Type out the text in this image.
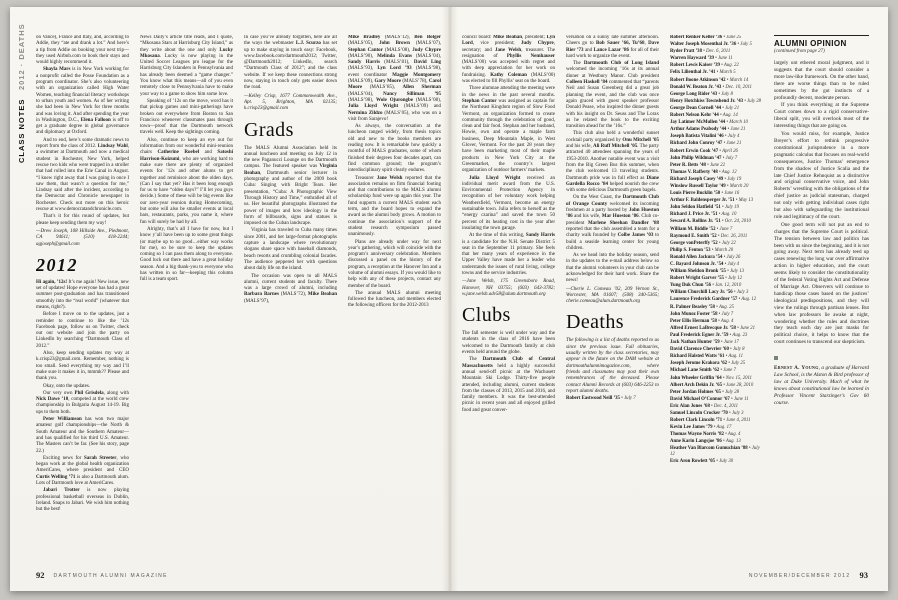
CLASS NOTES2012 · DEATHS on Vance), France and Italy, and, according to Addie, they “ate and drank a lot.” And here’s a tip from Addie on booking your next trip—they used Airbnb.com to book their stays and would highly recommend it.

Shayla Mars is in New York working for a nonprofit called the Posse Foundation as a program coordinator. She’s also volunteering with an organization called High Water Women, teaching financial literacy workshops to urban youth and women. As of her writing she had been in New York for three months and was loving it. And after spending the year in Washington, D.C., Elena Falloon is off to get a graduate degree in global governance and diplomacy at Oxford.

And to end, here’s some dramatic news to report from the class of 2012. Lindsay Wahl, a swimmer at Dartmouth and now a medical student in Rochester, New York, helped rescue two kids who were trapped in a stroller that had rolled into the Erie Canal in August. “I knew right away that I was going in once I saw them, that wasn’t a question for me,” Lindsay said after the incident, according to the Democrat and Chronicle newspaper in Rochester. Check out more on this heroic rescue at www.democratandchronicle.com.

That’s it for this round of updates, but please keep sending them my way!

—Drew Joseph, 108 Hillside Ave., Piedmont, CA 94611; (510) 418-2244; agjoseph@gmail.com

2012

Hi again, ’12s! It’s me again! New issue, new set of updates! Hope everyone has had a great summer post-graduation and has transitioned smoothly into the “real world” (whatever that means, right?).

Before I move on to the updates, just a reminder to continue to like the ’12s Facebook page, follow us on Twitter, check out our website and join the party on LinkedIn by searching “Dartmouth Class of 2012.”

Also, keep sending updates my way at k.crisp23@gmail.com. Remember, nothing is too small. Send everything my way and I’ll make sure it makes it in, mmmk?? Please and thank you.

Okay, onto the updates.

Our very own Phil Grisdela, along with Nick Dawe ’10, competed at the world crew championship in Bulgaria August 14-19. Big ups to them both.

Peter Williamson has won two major amateur golf championships—the North & South Amateur and the Southern Amateur—and has qualified for his third U.S. Amateur. The Masters can’t be far. (See his story, page 22.)

Exciting news for Sarah Streeter, who began work at the global health organization AmeriCares, where president and CEO Curtis Welling ’71 is also a Dartmouth alum. Lots of Dartmouth love at AmeriCares.

Jabari Trotter is now playing professional basketball overseas in Dublin, Ireland. Snaps to Jabari. We wish him nothing but the best!

News Daily’s article title reads, and I quote, “Mkosana Stars at Harrisburg City Island,” as they write about the one and only Lucky Mkosana. Lucky is now playing in the United Soccer Leagues pro league for the Harrisburg City Islanders in Pennsylvania and has already been deemed a “game changer.” You know what this means—all of you even remotely close to Pennsylvania have to make your way to a game to show him some love.

Speaking of ’12s on the move, word has it that pickup games and mini-gatherings have broken out everywhere from Boston to San Francisco whenever classmates pass through town—proof that the Dartmouth network travels well. Keep the sightings coming.

Also, continue to keep an eye out for information from our wonderful mini-reunion chairs Catherine Roebel and Satoshi Harrison-Koizumi, who are working hard to make sure there are plenty of organized events for ’12s and other alums to get together and reminisce about the olden days. (Can I say that yet? Has it been long enough for us to have “olden days?” I’ll let you guys decide.) Some of these will be big events like our zero-year reunion during Homecoming, but some will also be smaller events at local bars, restaurants, parks, you name it, where fun will surely be had by all.

Alrighty, that’s all I have for now, but I know y’all have been up to some great things (or maybe up to no good…either way works for me), so be sure to keep the updates coming so I can pass them along to everyone. Good luck out there and have a great holiday season. And a big thank-you to everyone who has written in so far—keeping this column full is a team sport.

In case you’ve already forgotten, here are all the ways the webmaster L.J. Scurzo has set up to make staying in touch easy: Facebook, www.facebook.com/dartmouth2012; Twitter, @Dartmouth2012; LinkedIn, search “Dartmouth Class of 2012”; and the class website. If we keep these connections strong now, staying in touch only gets easier down the road.

—Kelley Crisp, 1677 Commonwealth Ave., Apt. 5, Brighton, MA 02135; k.crisp23@gmail.com

Grads

The MALS Alumni Association held its annual luncheon and meeting on July 12 in the new Paganucci Lounge on the Dartmouth campus. The featured speaker was Virginia Beahan, Dartmouth senior lecturer in photography and author of the 2009 book Cuba: Singing with Bright Tears. Her presentation, “Cuba: A Photographic View Through History and Time,” enthralled all of us. Her beautiful photographs illustrated the power of images and how ideology in the form of billboards, signs and statues is imposed on the Cuban landscape.

Virginia has traveled to Cuba many times since 2001, and her large-format photographs capture a landscape where revolutionary slogans share space with baseball diamonds, beach resorts and crumbling colonial facades. The audience peppered her with questions about daily life on the island.

The occasion was open to all MALS alumni, current students and faculty. There was a large crowd of alumni, including Barbara Barnes (MALS’72), Mike Beahan (MALS’97),

Mike Bradley (MALS’12), Ben Bolger (MALS’05), John Brown (MALS’07), Stephan Cantor (MALS’08), Judy Chypre (MALS’90), Melinda Evans (MALS’04), Sandy Harris (MALS’81), David Ling (MALS’93), Lyn Lord ’93 (MALS’98), event coordinator Maggie Montgomery (MALS’09), Gary Moore (MALS’78), Carol Moore (MALS’85), Allen Sherman (MALS’04), Nancy Silliman ’95 (MALS’98), Wole Ojurongbe (MALS’08), Julia Lloyd Wright (MALS’09) and Nermina Zildzo (MALS’05), who was on a visit from Sarajevo!

As always, the conversation at the luncheon ranged widely, from thesis topics old and new to the books members are reading now. It is remarkable how quickly a roomful of MALS graduates, some of whom finished their degrees four decades apart, can find common ground; the program’s interdisciplinary spirit clearly endures.

Treasurer Jane Welsh reported that the association remains on firm financial footing and that contributions to the MALS alumni scholarship fund were up again this year. The fund supports a current MALS student each term, and the board hopes to expand the award as the alumni body grows. A motion to continue the association’s support of the student research symposium passed unanimously.

Plans are already under way for next year’s gathering, which will coincide with the program’s anniversary celebration. Members discussed a panel on the history of the program, a reception at the Hanover Inn and a volume of alumni essays. If you would like to help with any of these projects, contact any member of the board.

The annual MALS alumni meeting followed the luncheon, and members elected the following officers for the 2012-2013

council board: Mike Beahan, president; Lyn Lord, vice president; Judy Chypre, secretary; and Jane Welsh, treasurer. The resignation of Phyllis Nemhauser (MALS’00) was accepted with regret and with deep appreciation for her work on fundraising. Kathy Coleman (MALS’00) was elected to fill Phyllis’ seat on the board.

Three alumnae attending the meeting were in the news in the past several months. Stephan Cantor was assigned as captain for the Northeast Kingdom region of Slow Food Vermont, an organization formed to create community through the celebration of good, clean and fair food. Stephan and her husband, Howie, own and operate a maple farm business, Deep Mountain Maple, in West Glover, Vermont. For the past 28 years they have been marketing most of their maple products in New York City at the Greenmarket, the country’s largest organization of outdoor farmers’ markets.

Julia Lloyd Wright received an individual merit award from the U.S. Environmental Protection Agency in recognition of her voluntary work helping Weathersfield, Vermont, become an energy sustainable town. Julia refers to herself as the “energy czarina” and saved the town 50 percent of its heating cost in the year after insulating the town garage.

At the time of this writing, Sandy Harris is a candidate for the N.H. Senate District 5 seat in the September 11 primary. She feels that her many years of experience in the Upper Valley have made her a leader who understands the issues of rural living, college towns and the service industries.

—Jane Welsh, 175 Greensboro Road, Hanover, NH 03755; (603) 643-3782; w.jane.welsh.adv58@alum.dartmouth.org

Clubs

The fall semester is well under way and the students in the class of 2016 have been welcomed to the Dartmouth family at club events held around the globe.

The Dartmouth Club of Central Massachusetts held a highly successful annual send-off picnic at the Wachusett Mountain Ski Lodge. Thirty-five people attended, including alumni, current students from the classes of 2013, 2015 and 2016, and family members. It was the best-attended picnic in recent years and all enjoyed grilled food and great conver-

versation on a sunny late summer afternoon. Cheers go to Bob Sauer ’66, Tu’68, Dave Rier ’73 and Lance Lazar ’86 for all of their hard work to organize the event.

The Dartmouth Club of Long Island welcomed the incoming ’16s at its annual dinner at Westbury Manor. Club president Colleen Haskell ’84 commented that “parents Neil and Susan Greenberg did a great job planning the event, and the club was once again graced with guest speaker professor Donald Pease, who inspired the dinner guests with his insight on Dr. Seuss and The Lorax as he related the book to the exciting transition ahead for the ’16s.”

This club also held a wonderful sunset cocktail party organized by Onu Mitchell ’05 and his wife, Ali Ruff Mitchell ’05. The party attracted 40 attendees spanning the years of 1953-2010. Another notable event was a visit from the Big Green Bus this summer, when the club welcomed 13 traveling students. Dartmouth pride was in full effect as Diane Gardella Rocco ’84 helped nourish the crew with some delicious Dartmouth green bagels.

On the West Coast, the Dartmouth Club of Orange County welcomed its incoming freshmen at a party hosted by John Hueston ’86 and his wife, Mar Hueston ’86. Club co-president Marlene Sheehan Dandler ’88 reported that the club assembled a team for a charity walk founded by Colbe James ’03 to build a seaside learning center for young children.

As we head into the holiday season, send in the updates to the e-mail address below so that the alumni volunteers in your club can be acknowledged for their hard work. Share the news!

—Cherie L. Comeau ’02, 209 Vernon St., Worcester, MA 01607; (508) 340-5365; cherie.comeau@alum.dartmouth.org

Deaths

The following is a list of deaths reported to us since the previous issue. Full obituaries, usually written by the class secretaries, may appear in the future on the DAM website at dartmouthalumnimagazine.com, where friends and classmates may post their own remembrances of the deceased. Please contact Alumni Records at (603) 646-2253 to report alumni deaths.

Robert Eastwood Neill ’35 • July 7
Robert Renker Keller ’36 • June 25
Walter Joseph Mosenthal Jr. ’36 • July 5
Ryder Pratt ’38 • Dec. 6, 2011
Warren Hayward ’39 • June 11
Robert Lewis Kaiser ’39 • Aug. 22
Felix Lilienthal Jr. ’41 • March 5
Robert Boone Atkinson ’42 • March 14
Donald W. Beaton Jr. ’43 • Dec. 10, 2011
George Long Rider ’43 • July 8
Henry Hotchkiss Townshend Jr. ’43 • July 28
George Dean Cornell ’44 • July 21
Robert Nelson Kehr ’44 • Aug. 14
Jay Latimer McMullen ’44 • March 10
Arthur Adams Peabody ’44 • June 21
Joseph Batista Vitalini ’46 • July 4
Richard John Conroy ’47 • June 21
Robert Erwin Cook ’47 • April 26
John Philip Wildman ’47 • July 7
Peter R. Betts ’48 • June 22
Thomas V. Rafferty ’48 • Aug. 12
Richard Joseph Casey ’49 • July 19
Winslow Russell Taylor ’49 • March 20
Louis Pierre Bucklin ’50 • June 16
Arthur F. Baldensperger Jr. ’51 • May 13
John Seldon Hatfield ’51 • July 19
Richard J. Price Jr. ’51 • Aug. 10
Seward A. Rollins Jr. ’51 • Oct. 24, 2010
William M. Biddle ’52 • June 7
Raymond E. Smith ’52 • Dec. 26, 2011
George vonPeterffy ’52 • July 22
Philip S. Fenton ’53 • March 20
Ronald Allen Jackura ’54 • July 26
C. Bayard Johnson Jr. ’54 • July 4
William Sheldon Bronk ’55 • July 13
Robert Wright Garver ’55 • July 12
Yung Duk Chun ’56 • Jan. 12, 2010
William Churchill Lacy Jr. ’56 • July 3
Laurence Frederick Gardner ’57 • Aug. 12
R. Palmer Beasley ’58 • Aug. 25
John Munoz Foster ’58 • July 7
Peter Ellis Herman ’58 • Aug. 4
Alfred Ernest LaBrecque Jr. ’58 • June 21
Paul Frederick Egner Jr. ’59 • Aug. 23
Jack Nathan Hunter ’59 • June 17
David Clarence Chevrier ’60 • July 8
Richard Halsted Watts ’61 • Aug. 11
Joseph Jerome Krakora ’62 • July 25
Michael Lane Smith ’62 • June 7
John Wheeler Griffin ’64 • Nov. 15, 2011
Albert Arch Dekin Jr. ’65 • June 28, 2010
Peter Jordan Holmes ’65 • July 28
David Michael O’Connor ’67 • June 11
Eric Alan Jones ’68 • Dec. 4, 2011
Samuel Lincoln Crocker ’70 • July 3
Robert Clark Lincoln ’71 • June 4, 2011
Kevin Lee James ’79 • Aug. 17
Thomas Wayne Norris ’82 • Aug. 4
Anne Karin Langsjoe ’86 • Aug. 13
Heather Van Blarcom Gumuchian ’88 • July 12
Eric Aron Rowlett ’05 • July 30
ALUMNI OPINION
(continued from page 27)

largely unt ethered moral judgment, and it suggests that the court should consider a more law-like framework. On the other hand, there are worse things than to be ruled sometimes by the gut instincts of a profoundly decent, moderate person.

If you think everything at the Supreme Court comes down to a rigid conservative-liberal split, you will overlook most of the interesting things that are going on.

You would miss, for example, Justice Breyer’s effort to rethink progressive constitutional jurisprudence in a more pragmatic calculus that focuses on real-world consequences, Justice Thomas’ emergence from the shadow of Justice Scalia and the late Chief Justice Rehnquist as a distinctive and original conservative voice, and John Roberts’ wrestling with the obligations of the chief justice as judicial statesman, charged not only with getting individual cases right but also with safeguarding the institutional role and legitimacy of the court.

One good term will not put an end to charges that the Supreme Court is political. The tension between law and politics has been with us since the beginning, and it is not going away. Next term has already teed up cases renewing the long war over affirmative action in higher education, and the court seems likely to consider the constitutionality of the federal Voting Rights Act and Defense of Marriage Act. Observers will continue to handicap those cases based on the justices’ ideological predispositions, and they will view the rulings through partisan lenses. But when law professors lie awake at night, wondering whether the rules and doctrines they teach each day are just masks for political choice, it helps to know that the court continues to transcend our skepticism.

Ernest A. Young, a graduate of Harvard Law School, is the Alston & Bird professor of law at Duke University. Much of what he knows about constitutional law he learned in Professor Vincent Starzinger’s Gov 60 course.

92 DARTMOUTH ALUMNI MAGAZINE	NOVEMBER/DECEMBER 2012 93
